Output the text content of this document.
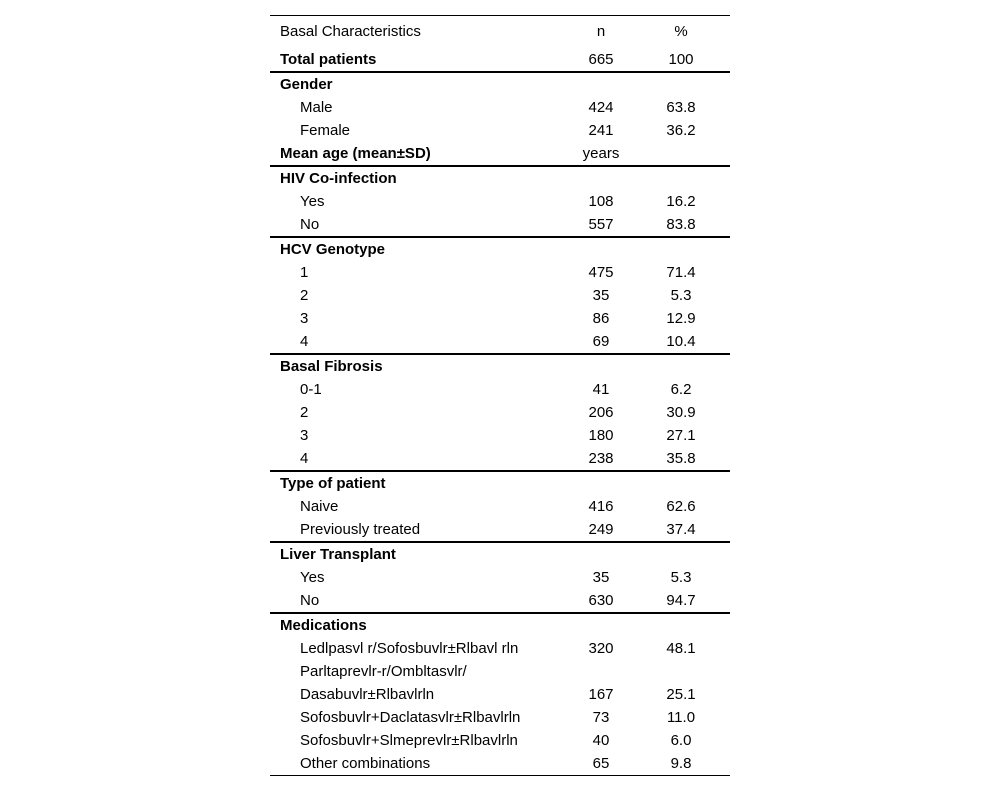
Basal Characteristics	n	%
Total patients	665	100
Gender
Male	424	63.8
Female	241	36.2
Mean age (mean±SD)	years
HIV Co-infection
Yes	108	16.2
No	557	83.8
HCV Genotype
1	475	71.4
2	35	5.3
3	86	12.9
4	69	10.4
Basal Fibrosis
0-1	41	6.2
2	206	30.9
3	180	27.1
4	238	35.8
Type of patient
Naive	416	62.6
Previously treated	249	37.4
Liver Transplant
Yes	35	5.3
No	630	94.7
Medications
Ledlpasvl r/Sofosbuvlr±Rlbavl rln	320	48.1
Parltaprevlr-r/Omb​ltasvlr/
Dasabuvlr±Rlbavlrln	167	25.1
Sofosbuvlr+Daclatasvlr±Rlbavlrln	73	11.0
Sofosbuvlr+Slmeprevlr±Rlbavlrln	40	6.0
Other combinations	65	9.8
